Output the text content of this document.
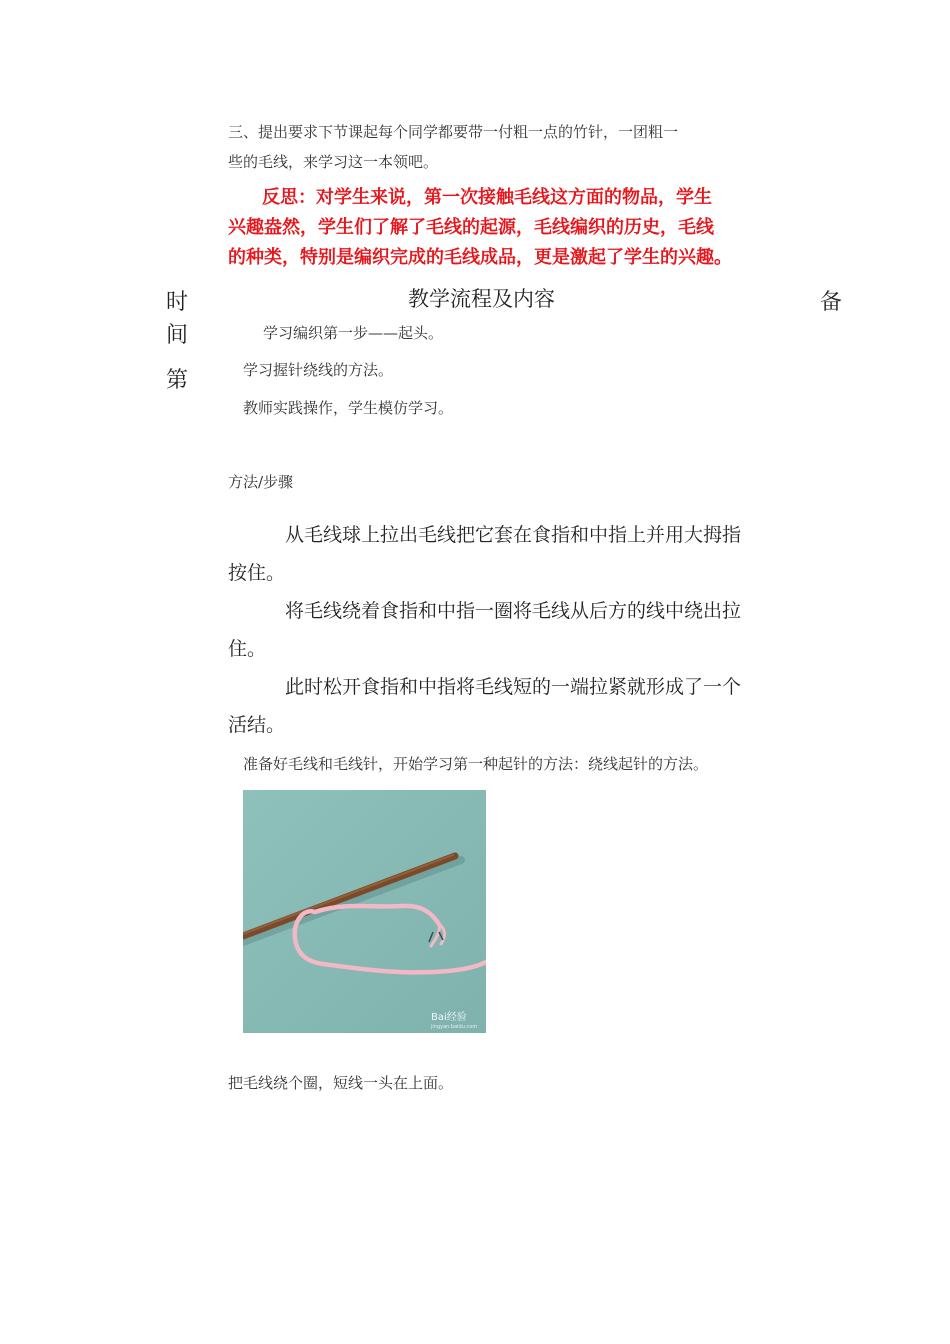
三、提出要求下节课起每个同学都要带一付粗一点的竹针，一团粗一
些的毛线，来学习这一本领吧。
反思：对学生来说，第一次接触毛线这方面的物品，学生
兴趣盎然，学生们了解了毛线的起源，毛线编织的历史，毛线
的种类，特别是编织完成的毛线成品，更是激起了学生的兴趣。
时
间
第
教学流程及内容	备
学习编织第一步——起头。
学习握针绕线的方法。
教师实践操作，学生模仿学习。
方法/步骤
从毛线球上拉出毛线把它套在食指和中指上并用大拇指
按住。
将毛线绕着食指和中指一圈将毛线从后方的线中绕出拉
住。
此时松开食指和中指将毛线短的一端拉紧就形成了一个
活结。
准备好毛线和毛线针，开始学习第一种起针的方法：绕线起针的方法。
Bai经验
jingyan.baidu.com
把毛线绕个圈，短线一头在上面。
